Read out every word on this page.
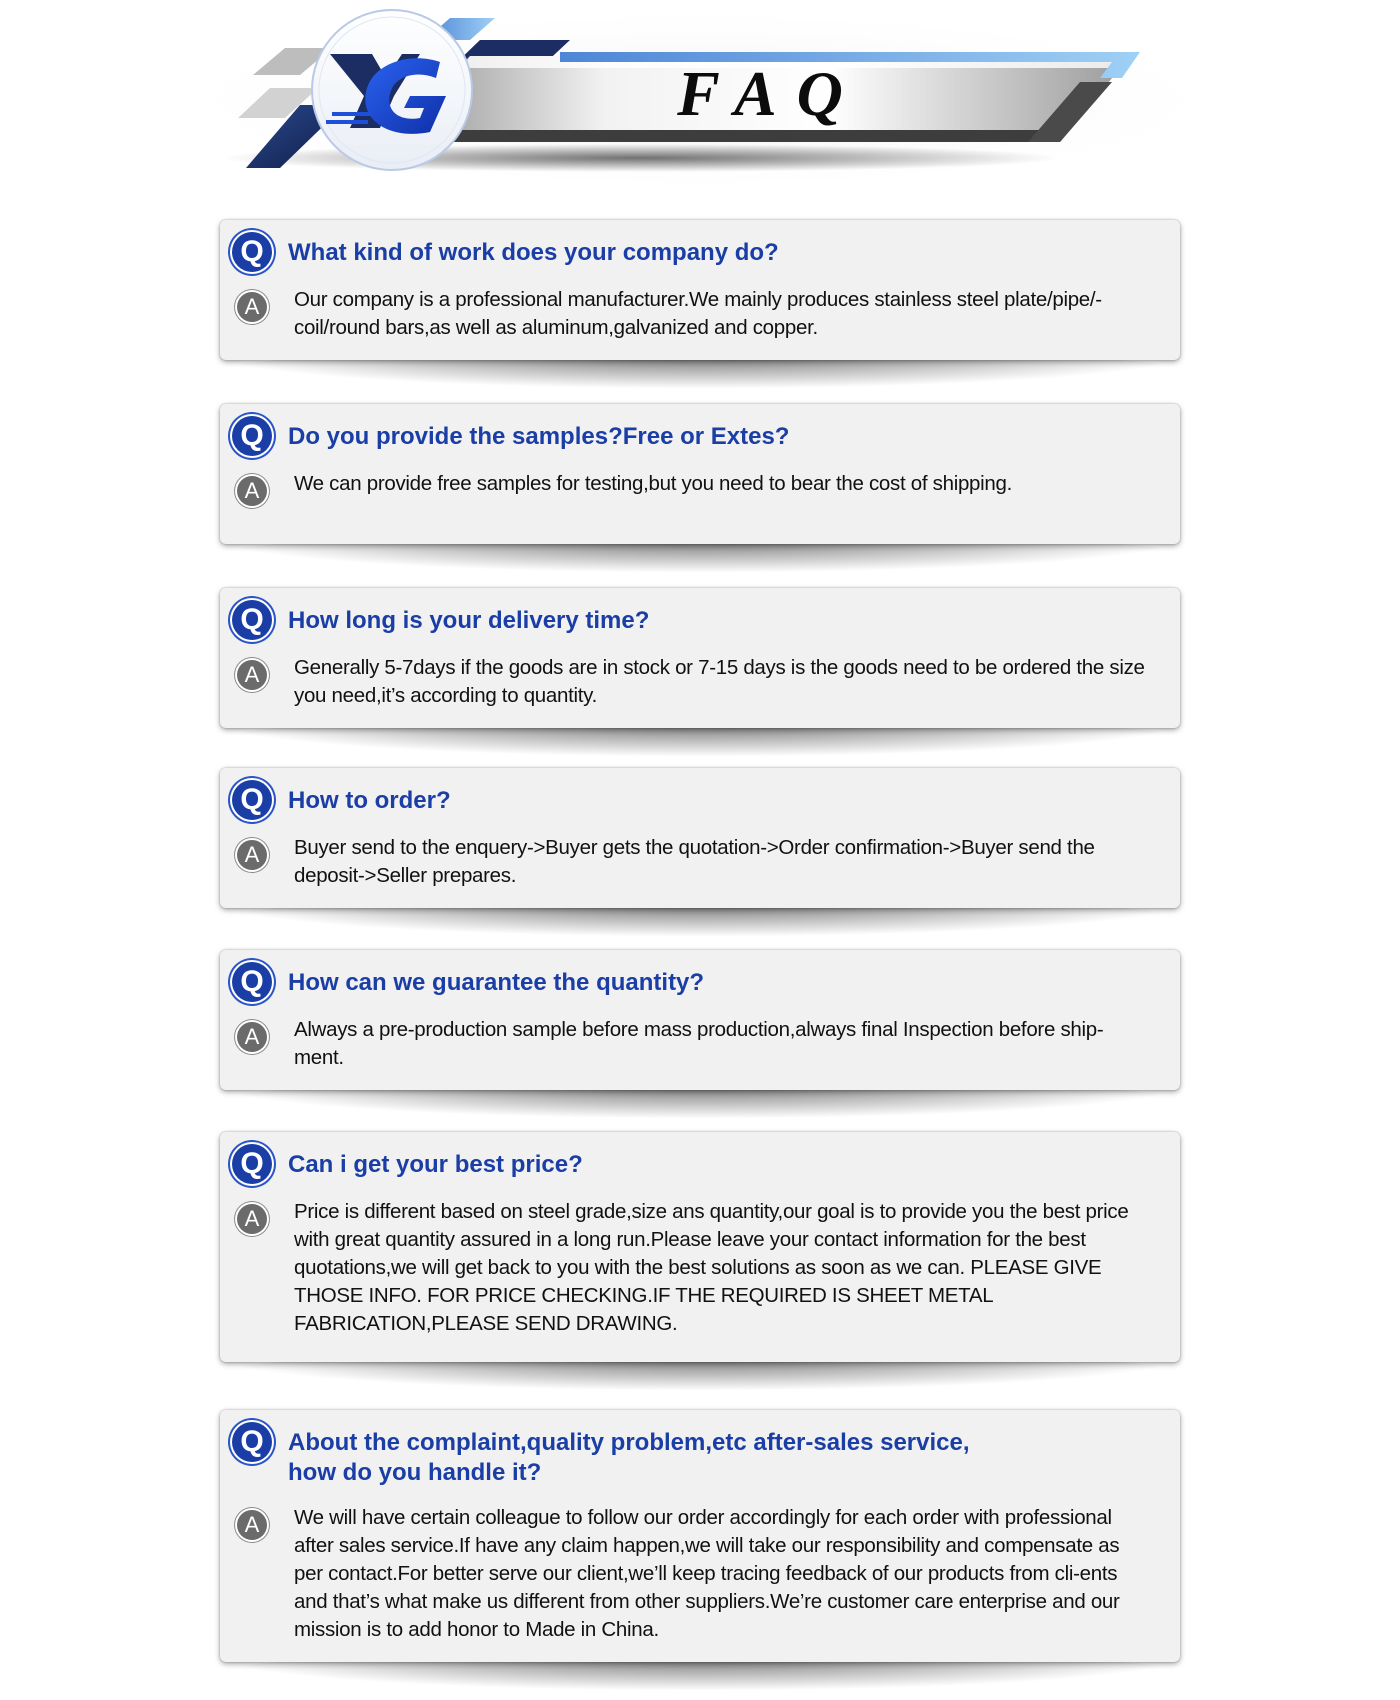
FAQ
Q	What kind of work does your company do?
A	Our company is a professional manufacturer.We mainly produces stainless steel plate/pipe/-coil/round bars,as well as aluminum,galvanized and copper.
Q	Do you provide the samples?Free or Extes?
A	We can provide free samples for testing,but you need to bear the cost of shipping.
Q	How long is your delivery time?
A	Generally 5-7days if the goods are in stock or 7-15 days is the goods need to be ordered the size you need,it’s according to quantity.
Q	How to order?
A	Buyer send to the enquery->Buyer gets the quotation->Order confirmation->Buyer send the deposit->Seller prepares.
Q	How can we guarantee the quantity?
A	Always a pre-production sample before mass production,always final Inspection before ship-ment.
Q	Can i get your best price?
A	Price is different based on steel grade,size ans quantity,our goal is to provide you the best price with great quantity assured in a long run.Please leave your contact information for the best quotations,we will get back to you with the best solutions as soon as we can. PLEASE GIVE THOSE INFO. FOR PRICE CHECKING.IF THE REQUIRED IS SHEET METAL FABRICATION,PLEASE SEND DRAWING.
Q	About the complaint,quality problem,etc after-sales service, how do you handle it?
A	We will have certain colleague to follow our order accordingly for each order with professional after sales service.If have any claim happen,we will take our responsibility and compensate as per contact.For better serve our client,we’ll keep tracing feedback of our products from cli-ents and that’s what make us different from other suppliers.We’re customer care enterprise and our mission is to add honor to Made in China.
